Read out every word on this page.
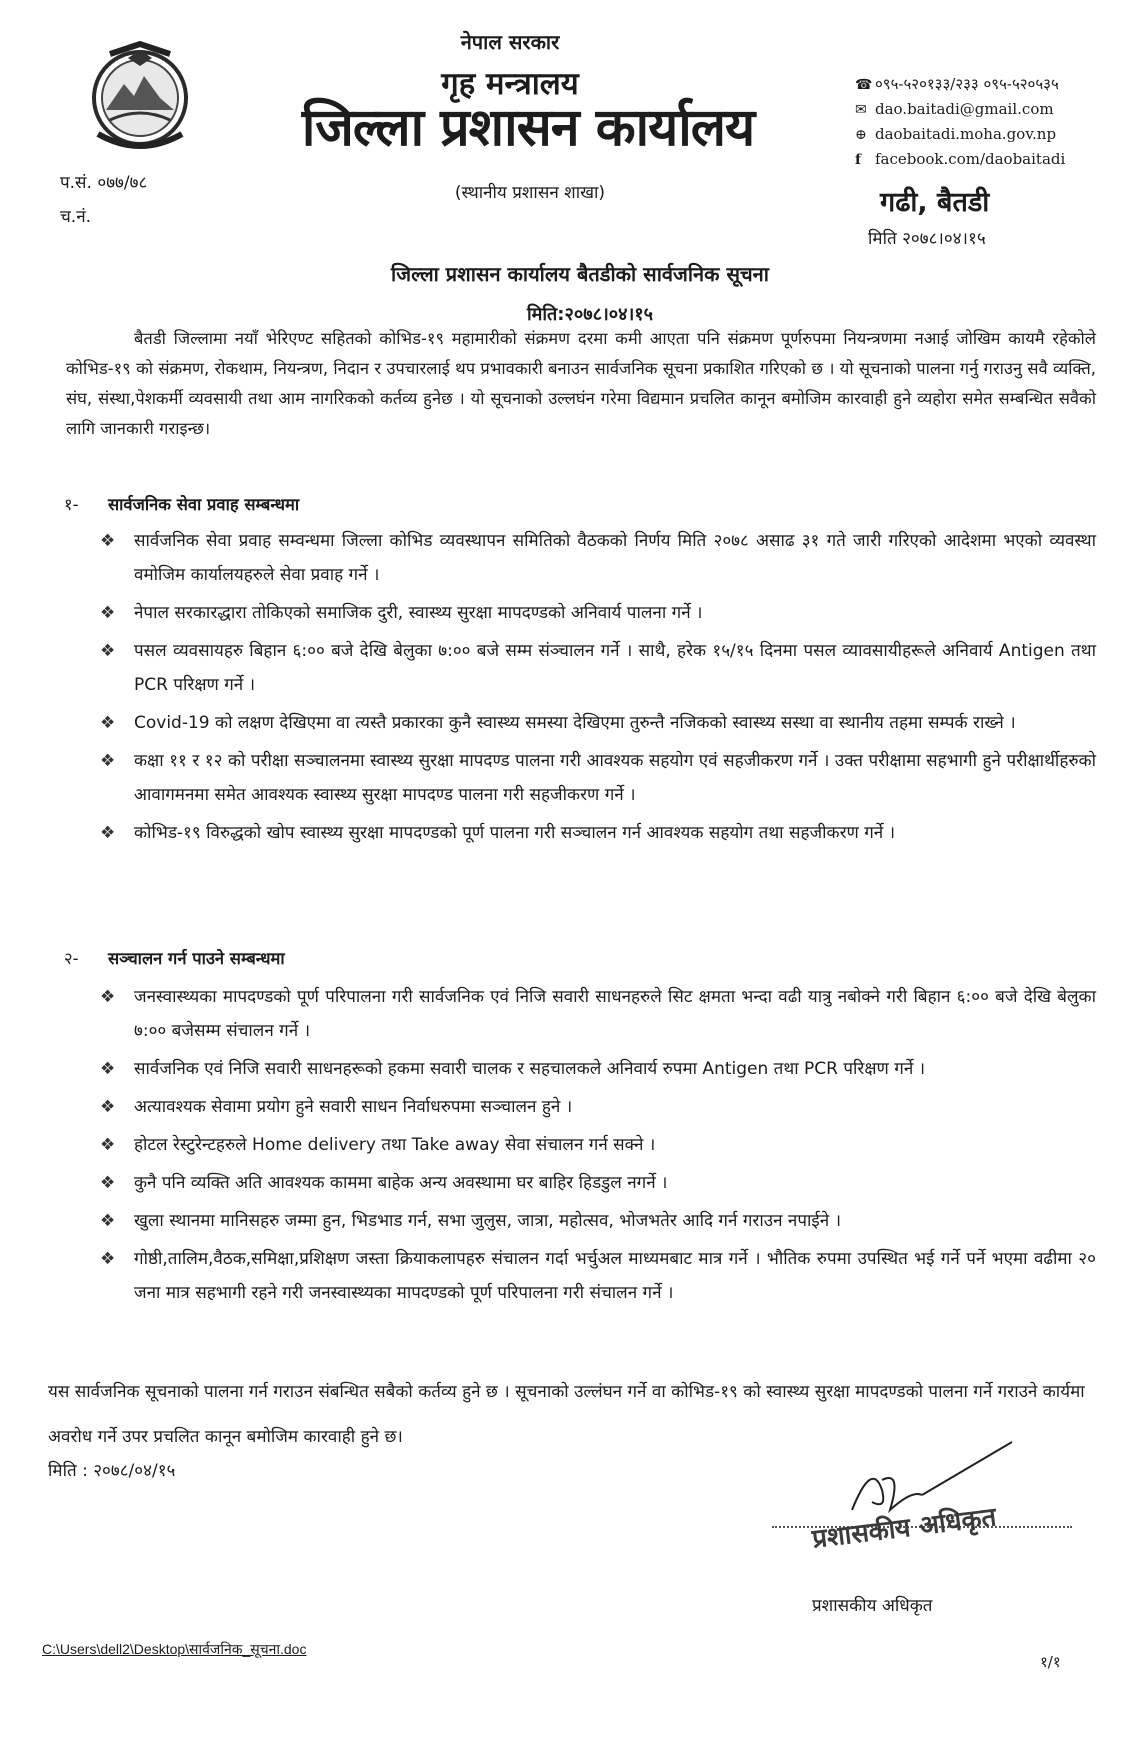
नेपाल सरकार
गृह मन्त्रालय
जिल्ला प्रशासन कार्यालय
(स्थानीय प्रशासन शाखा)
☎ ०९५-५२०१३३/२३३ ०९५-५२०५३५
✉ dao.baitadi@gmail.com
⊕ daobaitadi.moha.gov.np
f facebook.com/daobaitadi
गढी, बैतडी
मिति २०७८।०४।१५
प.सं. ०७७/७८
च.नं.
जिल्ला प्रशासन कार्यालय बैतडीको सार्वजनिक सूचना
मिति:२०७८।०४।१५
बैतडी जिल्लामा नयाँ भेरिएण्ट सहितको कोभिड-१९ महामारीको संक्रमण दरमा कमी आएता पनि संक्रमण पूर्णरुपमा नियन्त्रणमा नआई जोखिम कायमै रहेकोले कोभिड-१९ को संक्रमण, रोकथाम, नियन्त्रण, निदान र उपचारलाई थप प्रभावकारी बनाउन सार्वजनिक सूचना प्रकाशित गरिएको छ । यो सूचनाको पालना गर्नु गराउनु सवै व्यक्ति, संघ, संस्था,पेशकर्मी व्यवसायी तथा आम नागरिकको कर्तव्य हुनेछ । यो सूचनाको उल्लघंन गरेमा विद्यमान प्रचलित कानून बमोजिम कारवाही हुने व्यहोरा समेत सम्बन्धित सवैको लागि जानकारी गराइन्छ।
१- सार्वजनिक सेवा प्रवाह सम्बन्धमा
❖	सार्वजनिक सेवा प्रवाह सम्वन्धमा जिल्ला कोभिड व्यवस्थापन समितिको वैठकको निर्णय मिति २०७८ असाढ ३१ गते जारी गरिएको आदेशमा भएको व्यवस्था वमोजिम कार्यालयहरुले सेवा प्रवाह गर्ने ।
❖	नेपाल सरकारद्धारा तोकिएको समाजिक दुरी, स्वास्थ्य सुरक्षा मापदण्डको अनिवार्य पालना गर्ने ।
❖	पसल व्यवसायहरु बिहान ६:०० बजे देखि बेलुका ७:०० बजे सम्म संञ्चालन गर्ने । साथै, हरेक १५/१५ दिनमा पसल व्यावसायीहरूले अनिवार्य Antigen तथा PCR परिक्षण गर्ने ।
❖	Covid-19 को लक्षण देखिएमा वा त्यस्तै प्रकारका कुनै स्वास्थ्य समस्या देखिएमा तुरुन्तै नजिकको स्वास्थ्य सस्था वा स्थानीय तहमा सम्पर्क राख्ने ।
❖	कक्षा ११ र १२ को परीक्षा सञ्चालनमा स्वास्थ्य सुरक्षा मापदण्ड पालना गरी आवश्यक सहयोग एवं सहजीकरण गर्ने । उक्त परीक्षामा सहभागी हुने परीक्षार्थीहरुको आवागमनमा समेत आवश्यक स्वास्थ्य सुरक्षा मापदण्ड पालना गरी सहजीकरण गर्ने ।
❖	कोभिड-१९ विरुद्धको खोप स्वास्थ्य सुरक्षा मापदण्डको पूर्ण पालना गरी सञ्चालन गर्न आवश्यक सहयोग तथा सहजीकरण गर्ने ।
२- सञ्चालन गर्न पाउने सम्बन्धमा
❖	जनस्वास्थ्यका मापदण्डको पूर्ण परिपालना गरी सार्वजनिक एवं निजि सवारी साधनहरुले सिट क्षमता भन्दा वढी यात्रु नबोक्ने गरी बिहान ६:०० बजे देखि बेलुका ७:०० बजेसम्म संचालन गर्ने ।
❖	सार्वजनिक एवं निजि सवारी साधनहरूको हकमा सवारी चालक र सहचालकले अनिवार्य रुपमा Antigen तथा PCR परिक्षण गर्ने ।
❖	अत्यावश्यक सेवामा प्रयोग हुने सवारी साधन निर्वाधरुपमा सञ्चालन हुने ।
❖	होटल रेस्टुरेन्टहरुले Home delivery तथा Take away सेवा संचालन गर्न सक्ने ।
❖	कुनै पनि व्यक्ति अति आवश्यक काममा बाहेक अन्य अवस्थामा घर बाहिर हिडडुल नगर्ने ।
❖	खुला स्थानमा मानिसहरु जम्मा हुन, भिडभाड गर्न, सभा जुलुस, जात्रा, महोत्सव, भोजभतेर आदि गर्न गराउन नपाईने ।
❖	गोष्ठी,तालिम,वैठक,समिक्षा,प्रशिक्षण जस्ता क्रियाकलापहरु संचालन गर्दा भर्चुअल माध्यमबाट मात्र गर्ने । भौतिक रुपमा उपस्थित भई गर्ने पर्ने भएमा वढीमा २० जना मात्र सहभागी रहने गरी जनस्वास्थ्यका मापदण्डको पूर्ण परिपालना गरी संचालन गर्ने ।
यस सार्वजनिक सूचनाको पालना गर्न गराउन संबन्धित सबैको कर्तव्य हुने छ । सूचनाको उल्लंघन गर्ने वा कोभिड-१९ को स्वास्थ्य सुरक्षा मापदण्डको पालना गर्ने गराउने कार्यमा अवरोध गर्ने उपर प्रचलित कानून बमोजिम कारवाही हुने छ।
मिति : २०७८/०४/१५
प्रशासकीय अधिकृत
प्रशासकीय अधिकृत
C:\Users\dell2\Desktop\सार्वजनिक_सूचना.doc
१/१
